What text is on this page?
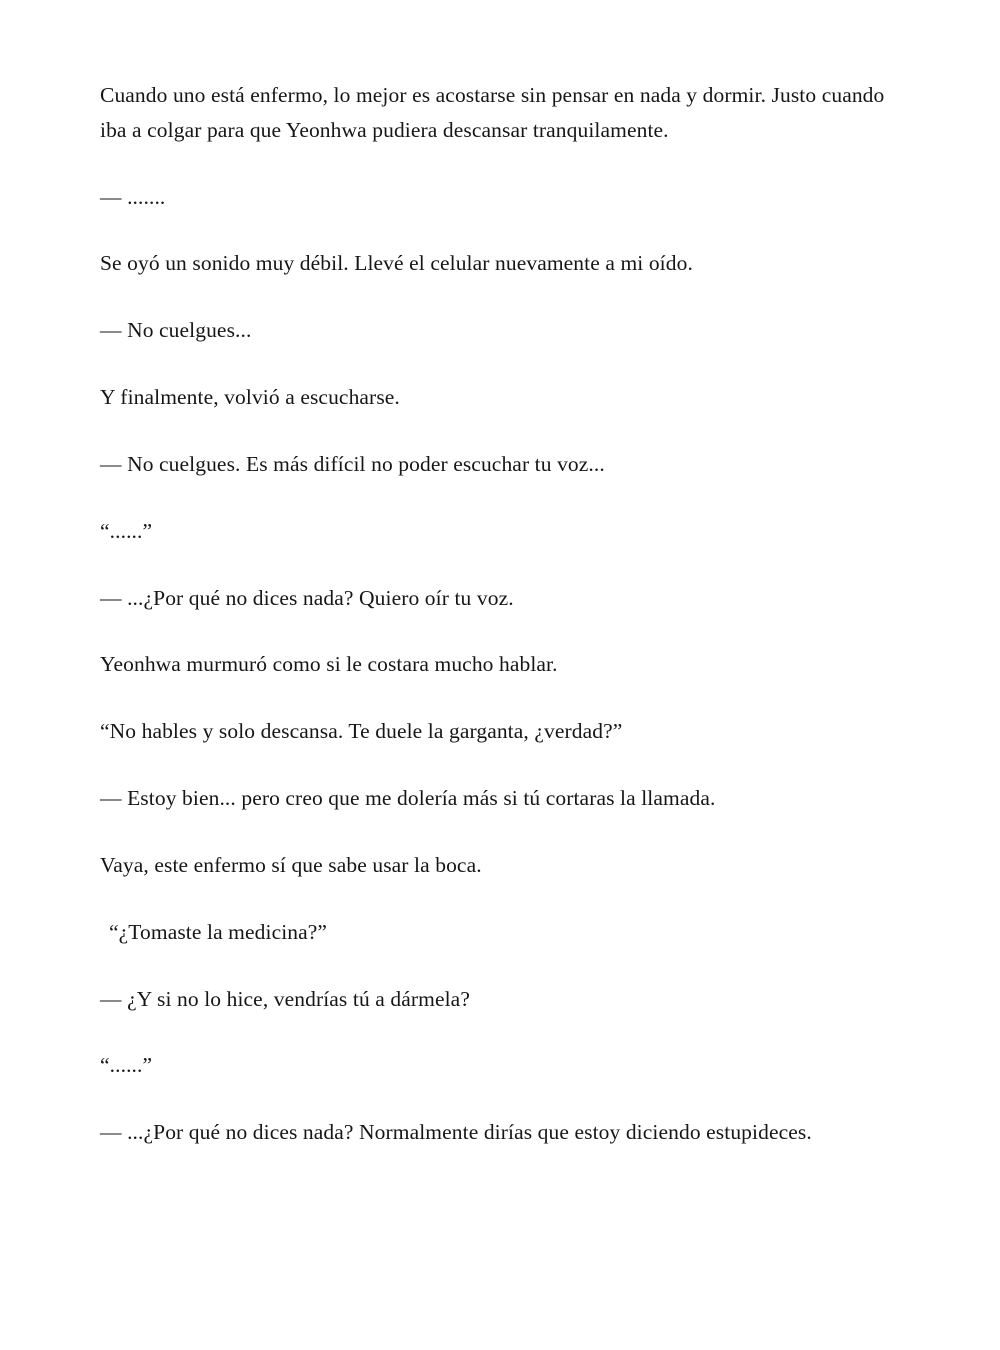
Cuando uno está enfermo, lo mejor es acostarse sin pensar en nada y dormir. Justo cuando iba a colgar para que Yeonhwa pudiera descansar tranquilamente.

— .......

Se oyó un sonido muy débil. Llevé el celular nuevamente a mi oído.

— No cuelgues...

Y finalmente, volvió a escucharse.

— No cuelgues. Es más difícil no poder escuchar tu voz...

“......”

— ...¿Por qué no dices nada? Quiero oír tu voz.

Yeonhwa murmuró como si le costara mucho hablar.

“No hables y solo descansa. Te duele la garganta, ¿verdad?”

— Estoy bien... pero creo que me dolería más si tú cortaras la llamada.

Vaya, este enfermo sí que sabe usar la boca.

“¿Tomaste la medicina?”

— ¿Y si no lo hice, vendrías tú a dármela?

“......”

— ...¿Por qué no dices nada? Normalmente dirías que estoy diciendo estupideces.
